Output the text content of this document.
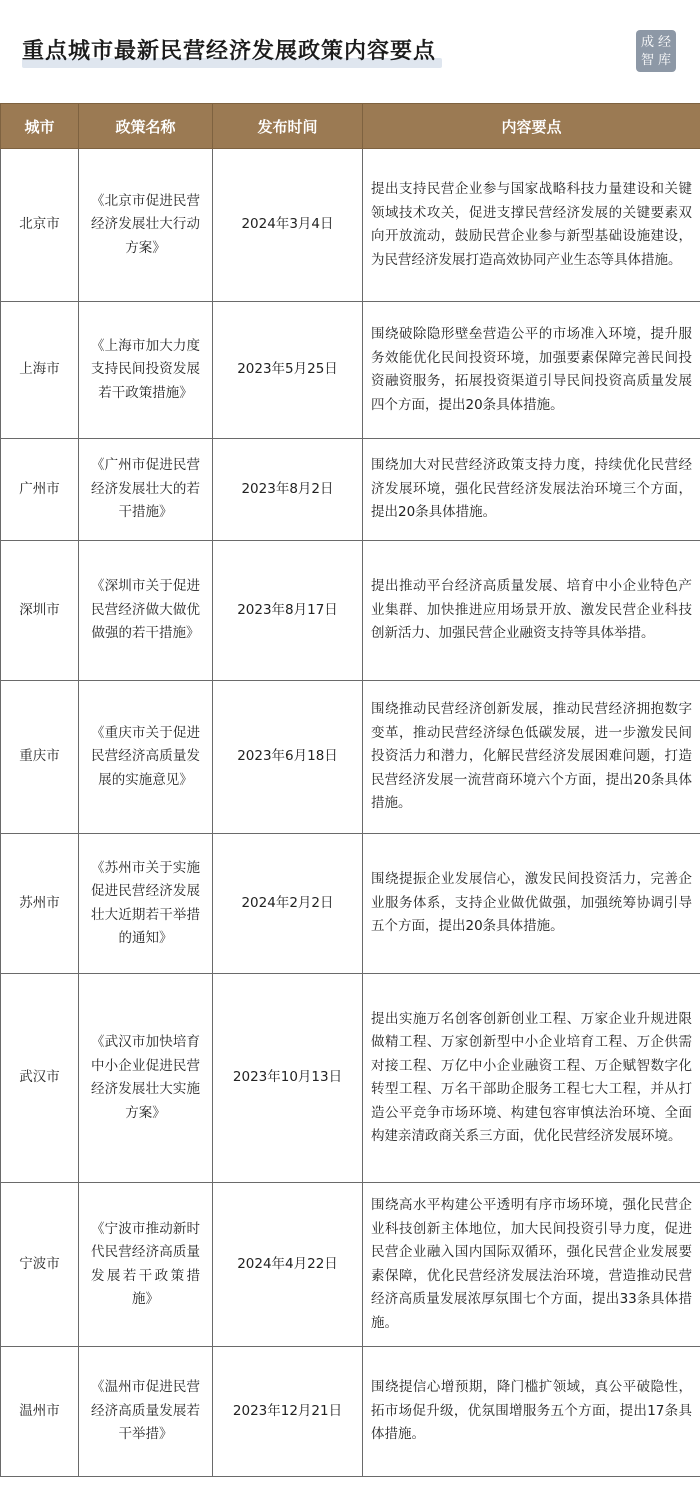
重点城市最新民营经济发展政策内容要点	成 经
智 库
城市	政策名称	发布时间	内容要点
北京市	《北京市促进民营经济发展壮大行动方案》	2024年3月4日	提出支持民营企业参与国家战略科技力量建设和关键领域技术攻关，促进支撑民营经济发展的关键要素双向开放流动，鼓励民营企业参与新型基础设施建设，为民营经济发展打造高效协同产业生态等具体措施。

上海市	《上海市加大力度支持民间投资发展若干政策措施》	2023年5月25日	围绕破除隐形壁垒营造公平的市场准入环境，提升服务效能优化民间投资环境，加强要素保障完善民间投资融资服务，拓展投资渠道引导民间投资高质量发展四个方面，提出20条具体措施。

广州市	《广州市促进民营经济发展壮大的若干措施》	2023年8月2日	围绕加大对民营经济政策支持力度，持续优化民营经济发展环境，强化民营经济发展法治环境三个方面，提出20条具体措施。

深圳市	《深圳市关于促进民营经济做大做优做强的若干措施》	2023年8月17日	提出推动平台经济高质量发展、培育中小企业特色产业集群、加快推进应用场景开放、激发民营企业科技创新活力、加强民营企业融资支持等具体举措。

重庆市	《重庆市关于促进民营经济高质量发展的实施意见》	2023年6月18日	围绕推动民营经济创新发展，推动民营经济拥抱数字变革，推动民营经济绿色低碳发展，进一步激发民间投资活力和潜力，化解民营经济发展困难问题，打造民营经济发展一流营商环境六个方面，提出20条具体措施。

苏州市	《苏州市关于实施促进民营经济发展壮大近期若干举措的通知》	2024年2月2日	围绕提振企业发展信心，激发民间投资活力，完善企业服务体系，支持企业做优做强，加强统筹协调引导五个方面，提出20条具体措施。

武汉市	《武汉市加快培育中小企业促进民营经济发展壮大实施方案》	2023年10月13日	提出实施万名创客创新创业工程、万家企业升规进限做精工程、万家创新型中小企业培育工程、万企供需对接工程、万亿中小企业融资工程、万企赋智数字化转型工程、万名干部助企服务工程七大工程，并从打造公平竞争市场环境、构建包容审慎法治环境、全面构建亲清政商关系三方面，优化民营经济发展环境。

宁波市	《宁波市推动新时代民营经济高质量发展若干政策措施》	2024年4月22日	围绕高水平构建公平透明有序市场环境，强化民营企业科技创新主体地位，加大民间投资引导力度，促进民营企业融入国内国际双循环，强化民营企业发展要素保障，优化民营经济发展法治环境，营造推动民营经济高质量发展浓厚氛围七个方面，提出33条具体措施。

温州市	《温州市促进民营经济高质量发展若干举措》	2023年12月21日	围绕提信心增预期，降门槛扩领域，真公平破隐性，拓市场促升级，优氛围增服务五个方面，提出17条具体措施。
